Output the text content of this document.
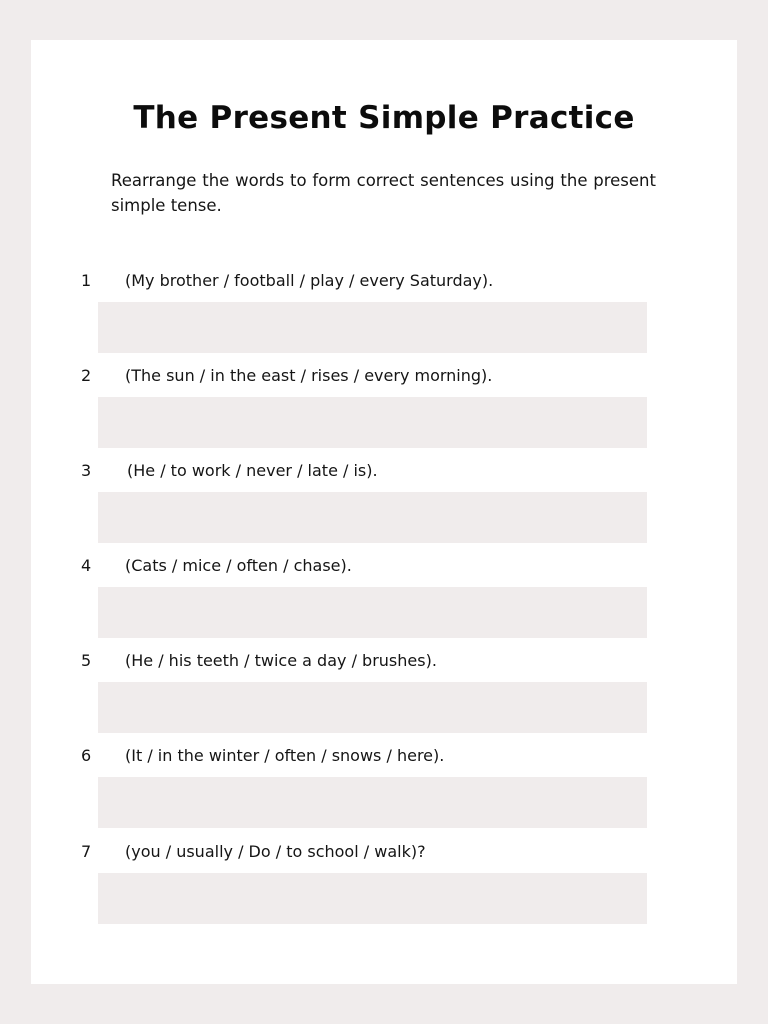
The Present Simple Practice

Rearrange the words to form correct sentences using the present simple tense.

1 (My brother / football / play / every Saturday).
2 (The sun / in the east / rises / every morning).
3 (He / to work / never / late / is).
4 (Cats / mice / often / chase).
5 (He / his teeth / twice a day / brushes).
6 (It / in the winter / often / snows / here).
7 (you / usually / Do / to school / walk)?
